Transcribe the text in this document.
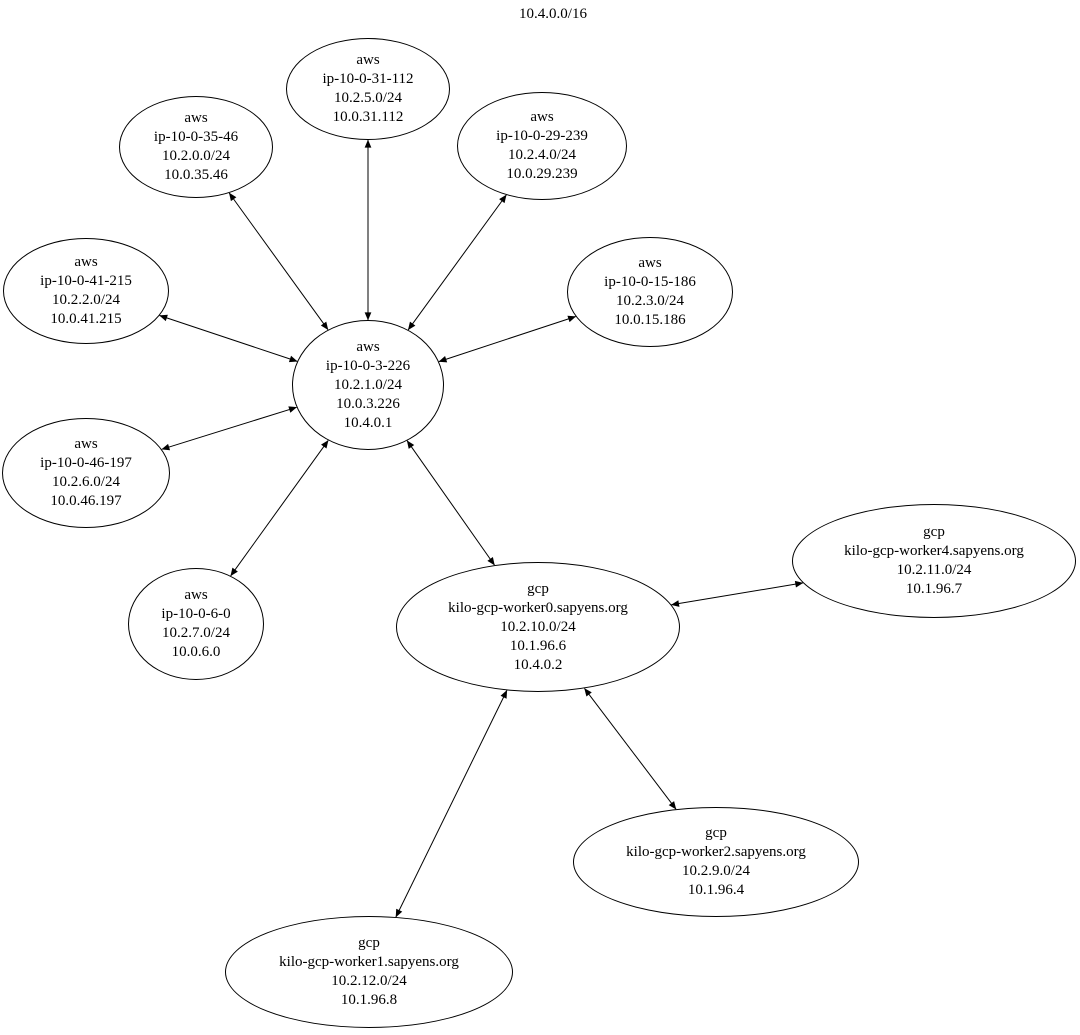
10.4.0.0/16
aws
ip-10-0-31-112
10.2.5.0/24
10.0.31.112
aws
ip-10-0-35-46
10.2.0.0/24
10.0.35.46
aws
ip-10-0-29-239
10.2.4.0/24
10.0.29.239
aws
ip-10-0-41-215
10.2.2.0/24
10.0.41.215
aws
ip-10-0-15-186
10.2.3.0/24
10.0.15.186
aws
ip-10-0-3-226
10.2.1.0/24
10.0.3.226
10.4.0.1
aws
ip-10-0-46-197
10.2.6.0/24
10.0.46.197
aws
ip-10-0-6-0
10.2.7.0/24
10.0.6.0
gcp
kilo-gcp-worker0.sapyens.org
10.2.10.0/24
10.1.96.6
10.4.0.2
gcp
kilo-gcp-worker4.sapyens.org
10.2.11.0/24
10.1.96.7
gcp
kilo-gcp-worker2.sapyens.org
10.2.9.0/24
10.1.96.4
gcp
kilo-gcp-worker1.sapyens.org
10.2.12.0/24
10.1.96.8
